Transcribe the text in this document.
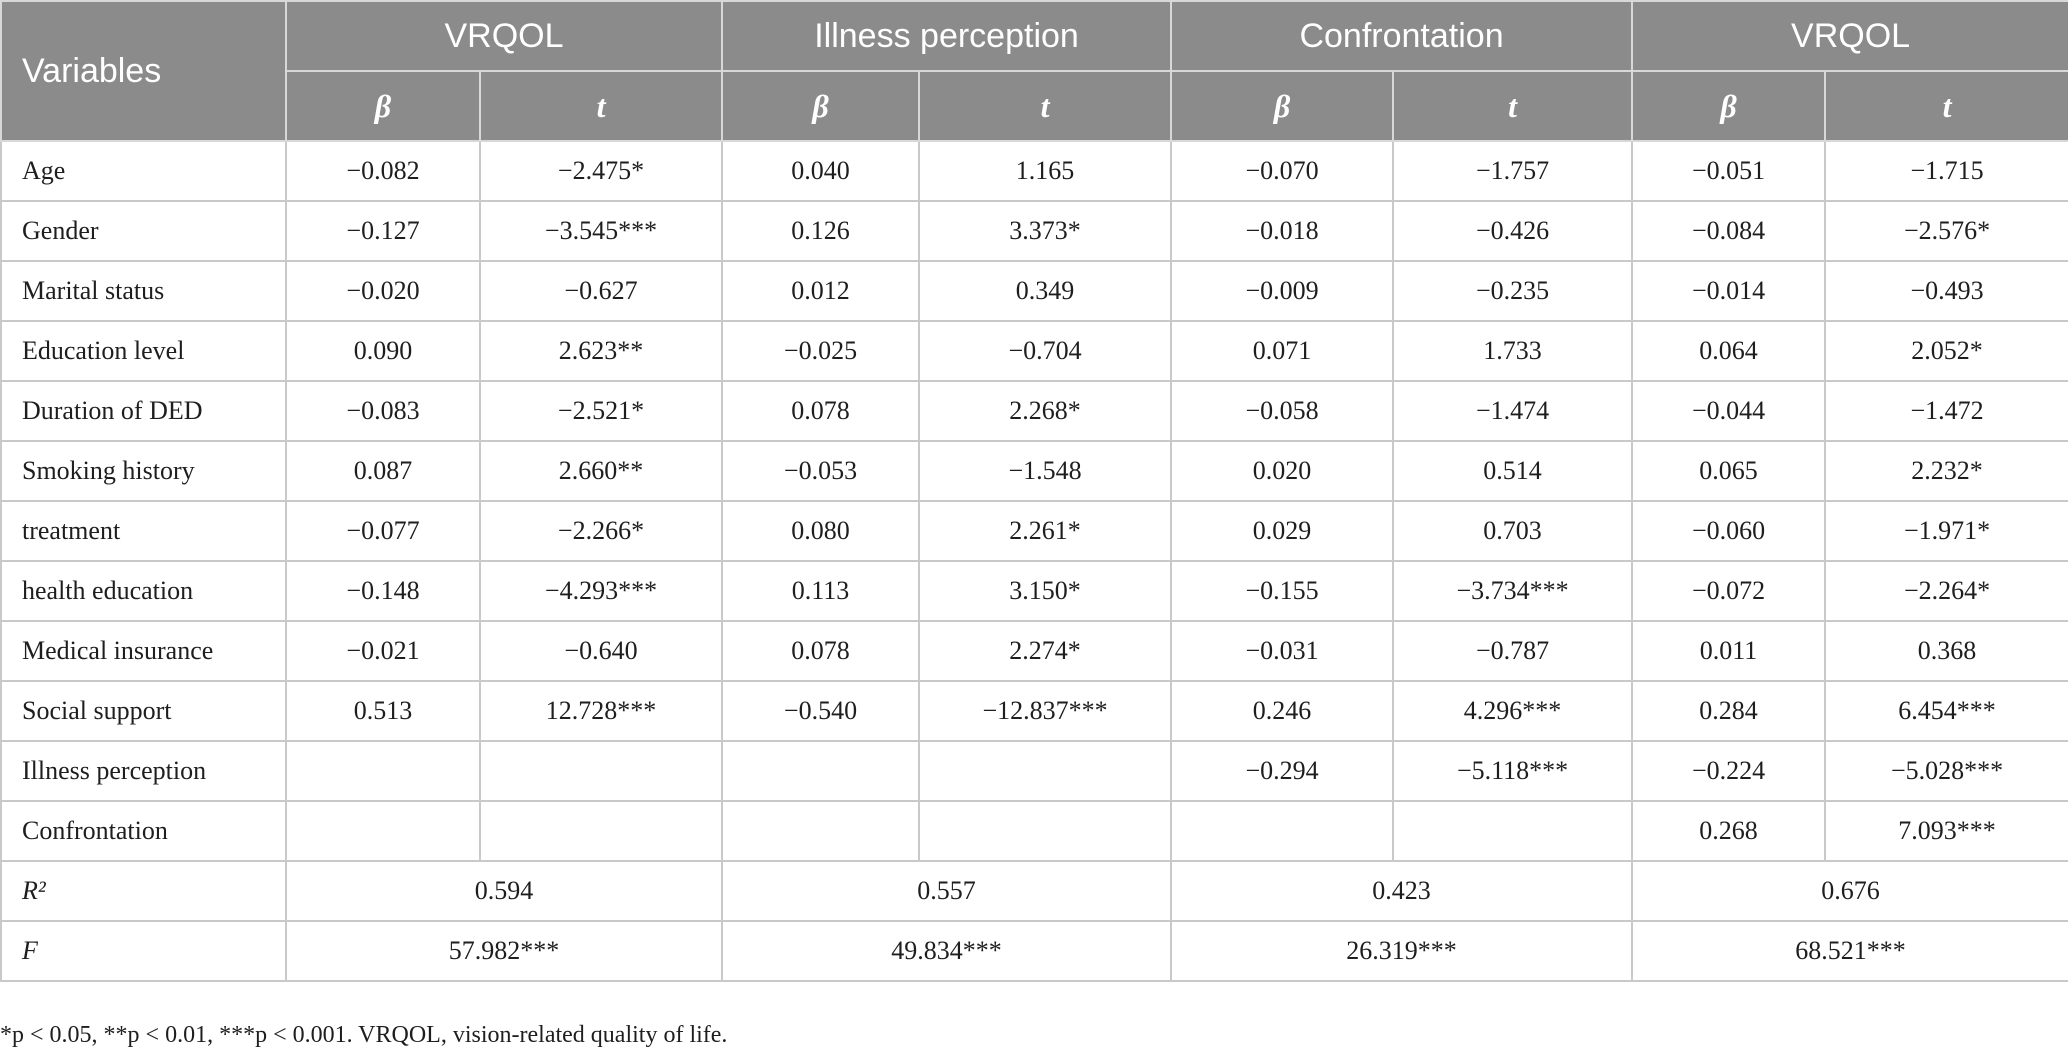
Variables	VRQOL		Illness perception		Confrontation		VRQOL	
	β	t	β	t	β	t	β	t
Age	−0.082	−2.475*	0.040	1.165	−0.070	−1.757	−0.051	−1.715
Gender	−0.127	−3.545***	0.126	3.373*	−0.018	−0.426	−0.084	−2.576*
Marital status	−0.020	−0.627	0.012	0.349	−0.009	−0.235	−0.014	−0.493
Education level	0.090	2.623**	−0.025	−0.704	0.071	1.733	0.064	2.052*
Duration of DED	−0.083	−2.521*	0.078	2.268*	−0.058	−1.474	−0.044	−1.472
Smoking history	0.087	2.660**	−0.053	−1.548	0.020	0.514	0.065	2.232*
treatment	−0.077	−2.266*	0.080	2.261*	0.029	0.703	−0.060	−1.971*
health education	−0.148	−4.293***	0.113	3.150*	−0.155	−3.734***	−0.072	−2.264*
Medical insurance	−0.021	−0.640	0.078	2.274*	−0.031	−0.787	0.011	0.368
Social support	0.513	12.728***	−0.540	−12.837***	0.246	4.296***	0.284	6.454***
Illness perception					−0.294	−5.118***	−0.224	−5.028***
Confrontation							0.268	7.093***
R²	0.594		0.557		0.423		0.676	
F	57.982***		49.834***		26.319***		68.521***	
*p < 0.05, **p < 0.01, ***p < 0.001. VRQOL, vision-related quality of life.
